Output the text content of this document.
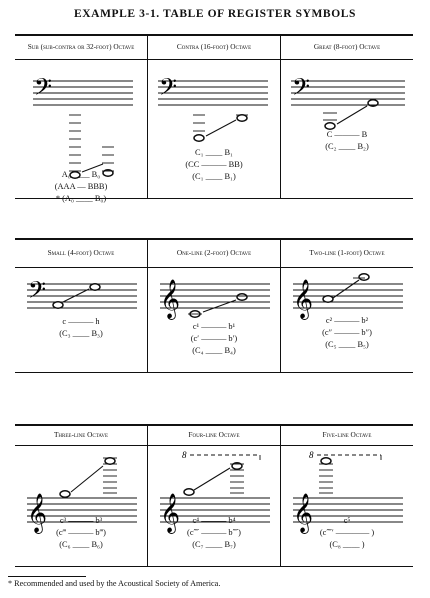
EXAMPLE 3-1. TABLE OF REGISTER SYMBOLS
Sub (sub-contra or 32-foot) Octave
𝄢
A₀ ____ B₀
(AAA — BBB)
* (A₀ ____ B₀)
Contra (16-foot) Octave
𝄢
C₁ ____ B₁
(CC ——— BB)
(C₁ ____ B₁)
Great (8-foot) Octave
𝄢
C ——— B
(C₂ ____ B₂)
Small (4-foot) Octave
𝄢
c ——— h
(C₃ ____ B₃)
One-line (2-foot) Octave
𝄞
c¹ ——— b¹
(c′ ——— b′)
(C₄ ____ B₄)
Two-line (1-foot) Octave
𝄞
c² ——— b²
(c″ ——— b″)
(C₅ ____ B₅)
Three-line Octave
𝄞	c³ ——— b³
(c‴ ——— b‴)
(C₆ ____ B₆)
Four-line Octave
8
𝄞	c⁴ ——— b⁴
(c⁗ ——— b⁗)
(C₇ ____ B₇)
Five-line Octave
8
𝄞	c⁵
(c⁗′ ———— )
(C₈ ____ )
* Recommended and used by the Acoustical Society of America.
